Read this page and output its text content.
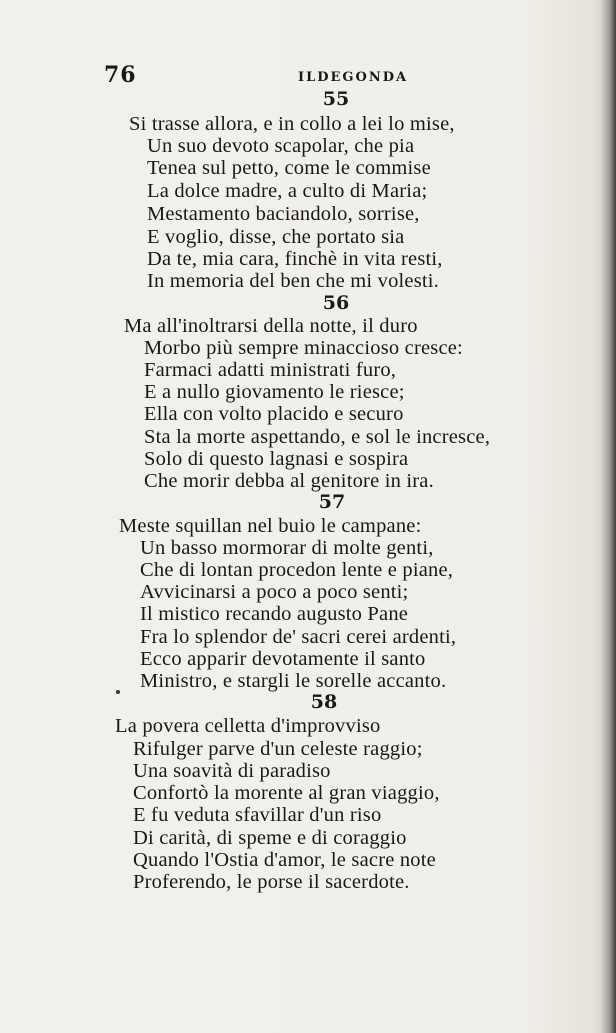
76	ILDEGONDA
55
Si trasse allora, e in collo a lei lo mise,
Un suo devoto scapolar, che pia
Tenea sul petto, come le commise
La dolce madre, a culto di Maria;
Mestamento baciandolo, sorrise,
E voglio, disse, che portato sia
Da te, mia cara, finchè in vita resti,
In memoria del ben che mi volesti.
56
Ma all'inoltrarsi della notte, il duro
Morbo più sempre minaccioso cresce:
Farmaci adatti ministrati furo,
E a nullo giovamento le riesce;
Ella con volto placido e securo
Sta la morte aspettando, e sol le incresce,
Solo di questo lagnasi e sospira
Che morir debba al genitore in ira.
57
Meste squillan nel buio le campane:
Un basso mormorar di molte genti,
Che di lontan procedon lente e piane,
Avvicinarsi a poco a poco senti;
Il mistico recando augusto Pane
Fra lo splendor de' sacri cerei ardenti,
Ecco apparir devotamente il santo
Ministro, e stargli le sorelle accanto.
58
La povera celletta d'improvviso
Rifulger parve d'un celeste raggio;
Una soavità di paradiso
Confortò la morente al gran viaggio,
E fu veduta sfavillar d'un riso
Di carità, di speme e di coraggio
Quando l'Ostia d'amor, le sacre note
Proferendo, le porse il sacerdote.
